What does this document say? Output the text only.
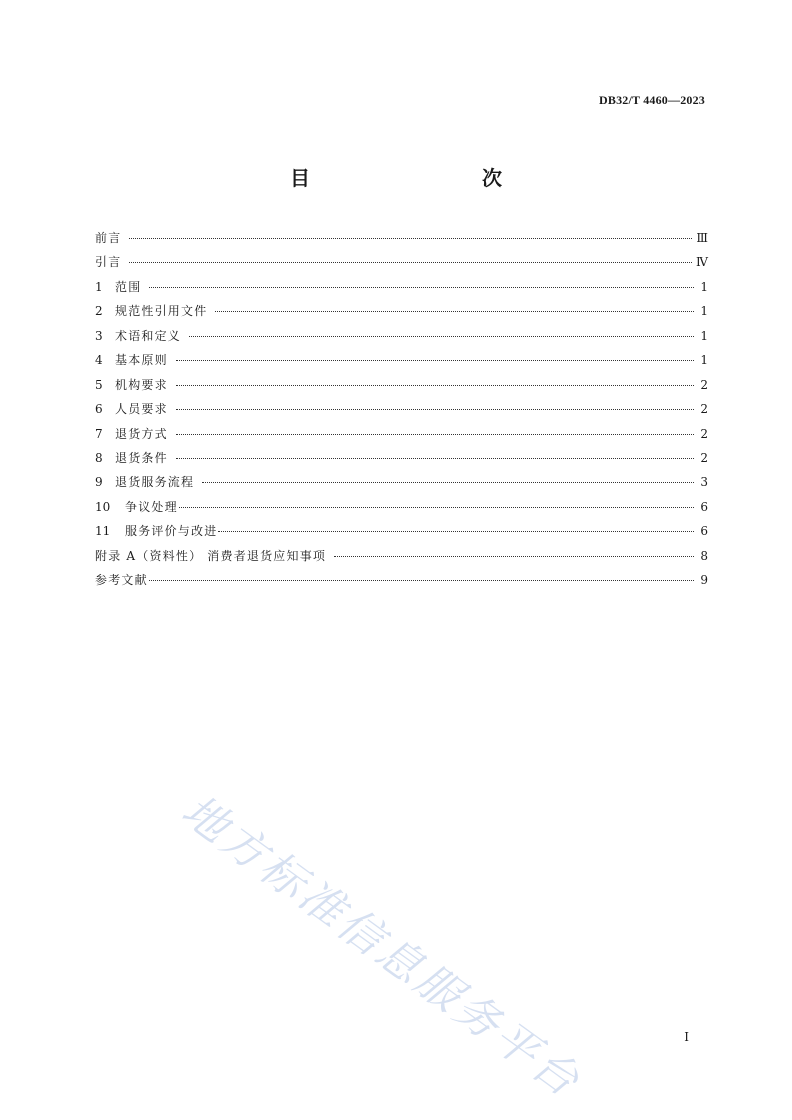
DB32/T 4460—2023
目　　次
前言	Ⅲ
引言	Ⅳ
1	范围	1
2	规范性引用文件	1
3	术语和定义	1
4	基本原则	1
5	机构要求	2
6	人员要求	2
7	退货方式	2
8	退货条件	2
9	退货服务流程	3
10	争议处理	6
11	服务评价与改进	6
附录 A（资料性） 消费者退货应知事项	8
参考文献	9
地方标准信息服务平台	I
